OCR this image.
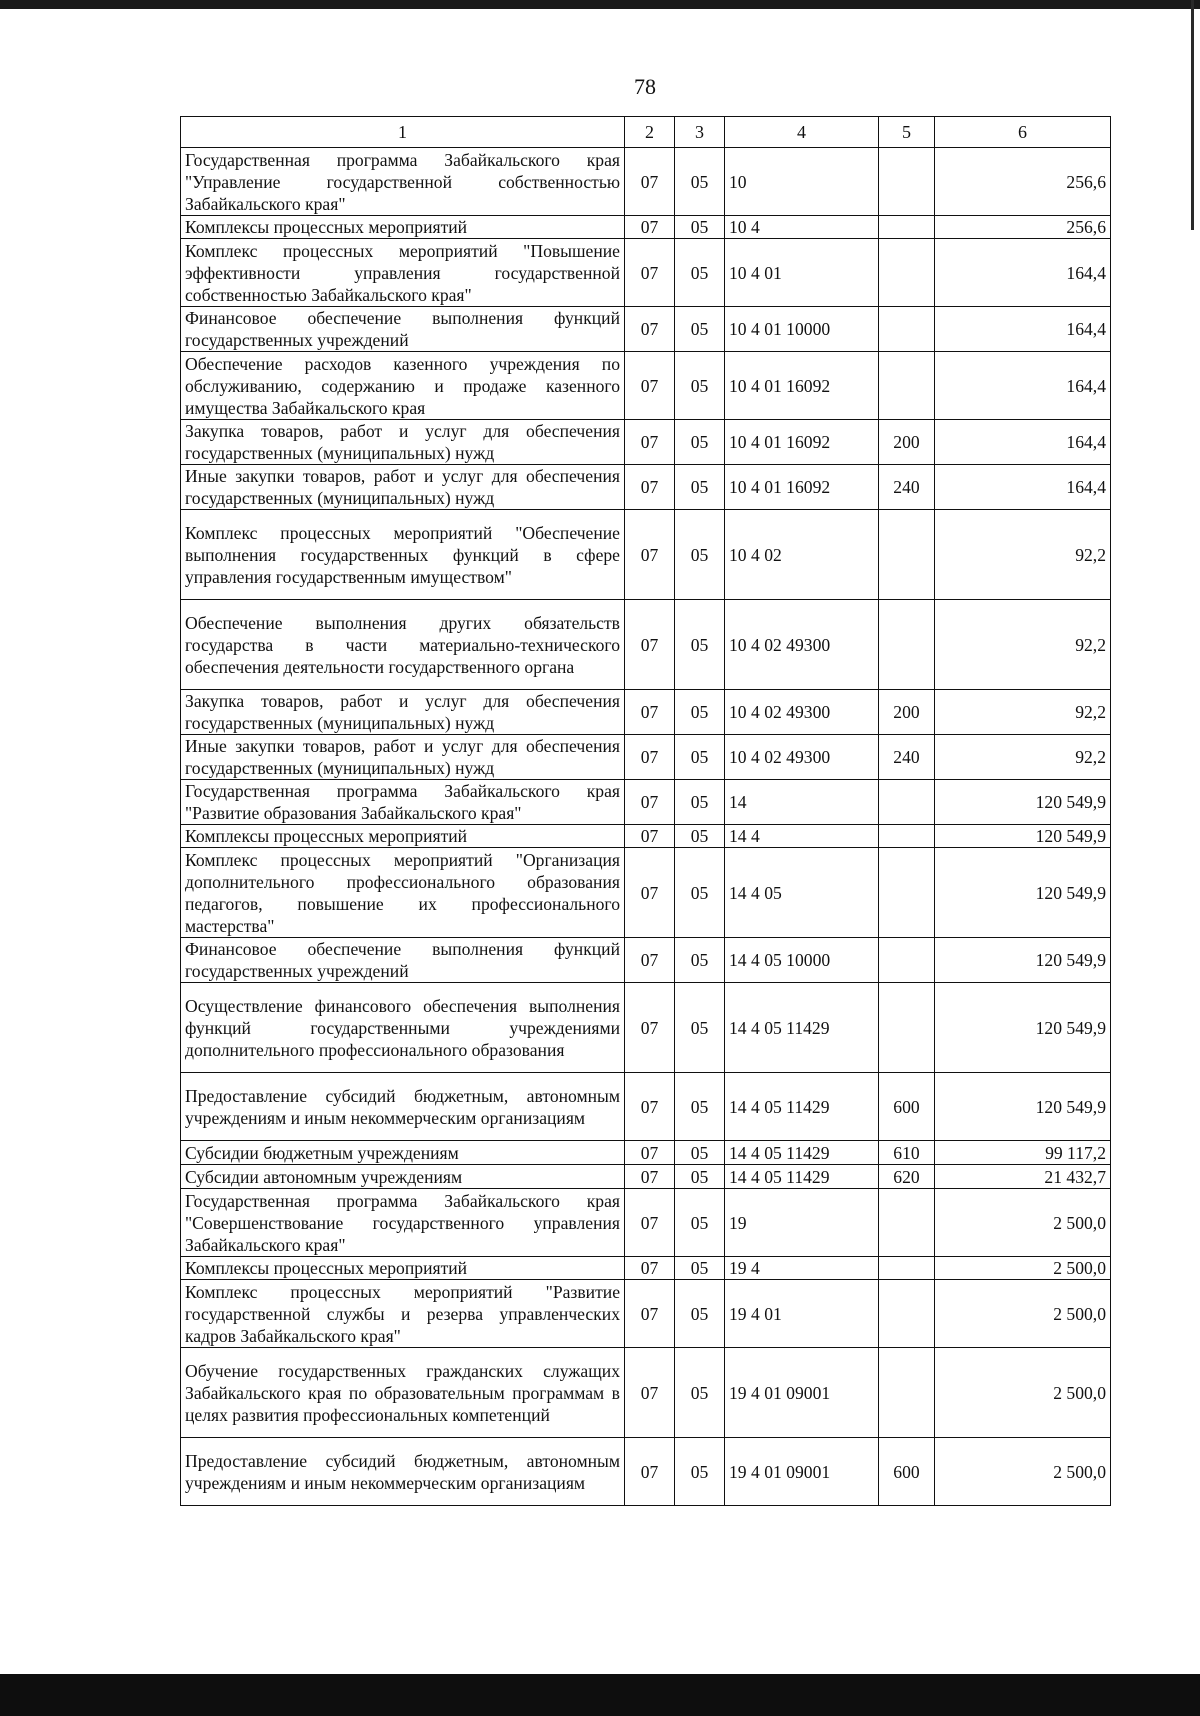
78
1	2	3	4	5	6
Государственная программа Забайкальского края "Управление государственной собственностью Забайкальского края"	07	05	10		256,6
Комплексы процессных мероприятий	07	05	10 4		256,6
Комплекс процессных мероприятий "Повышение эффективности управления государственной собственностью Забайкальского края"	07	05	10 4 01		164,4
Финансовое обеспечение выполнения функций государственных учреждений	07	05	10 4 01 10000		164,4
Обеспечение расходов казенного учреждения по обслуживанию, содержанию и продаже казенного имущества Забайкальского края	07	05	10 4 01 16092		164,4
Закупка товаров, работ и услуг для обеспечения государственных (муниципальных) нужд	07	05	10 4 01 16092	200	164,4
Иные закупки товаров, работ и услуг для обеспечения государственных (муниципальных) нужд	07	05	10 4 01 16092	240	164,4
Комплекс процессных мероприятий "Обеспечение выполнения государственных функций в сфере управления государственным имуществом"	07	05	10 4 02		92,2
Обеспечение выполнения других обязательств государства в части материально-технического обеспечения деятельности государственного органа	07	05	10 4 02 49300		92,2
Закупка товаров, работ и услуг для обеспечения государственных (муниципальных) нужд	07	05	10 4 02 49300	200	92,2
Иные закупки товаров, работ и услуг для обеспечения государственных (муниципальных) нужд	07	05	10 4 02 49300	240	92,2
Государственная программа Забайкальского края "Развитие образования Забайкальского края"	07	05	14		120 549,9
Комплексы процессных мероприятий	07	05	14 4		120 549,9
Комплекс процессных мероприятий "Организация дополнительного профессионального образования педагогов, повышение их профессионального мастерства"	07	05	14 4 05		120 549,9
Финансовое обеспечение выполнения функций государственных учреждений	07	05	14 4 05 10000		120 549,9
Осуществление финансового обеспечения выполнения функций государственными учреждениями дополнительного профессионального образования	07	05	14 4 05 11429		120 549,9
Предоставление субсидий бюджетным, автономным учреждениям и иным некоммерческим организациям	07	05	14 4 05 11429	600	120 549,9
Субсидии бюджетным учреждениям	07	05	14 4 05 11429	610	99 117,2
Субсидии автономным учреждениям	07	05	14 4 05 11429	620	21 432,7
Государственная программа Забайкальского края "Совершенствование государственного управления Забайкальского края"	07	05	19		2 500,0
Комплексы процессных мероприятий	07	05	19 4		2 500,0
Комплекс процессных мероприятий "Развитие государственной службы и резерва управленческих кадров Забайкальского края"	07	05	19 4 01		2 500,0
Обучение государственных гражданских служащих Забайкальского края по образовательным программам в целях развития профессиональных компетенций	07	05	19 4 01 09001		2 500,0
Предоставление субсидий бюджетным, автономным учреждениям и иным некоммерческим организациям	07	05	19 4 01 09001	600	2 500,0
